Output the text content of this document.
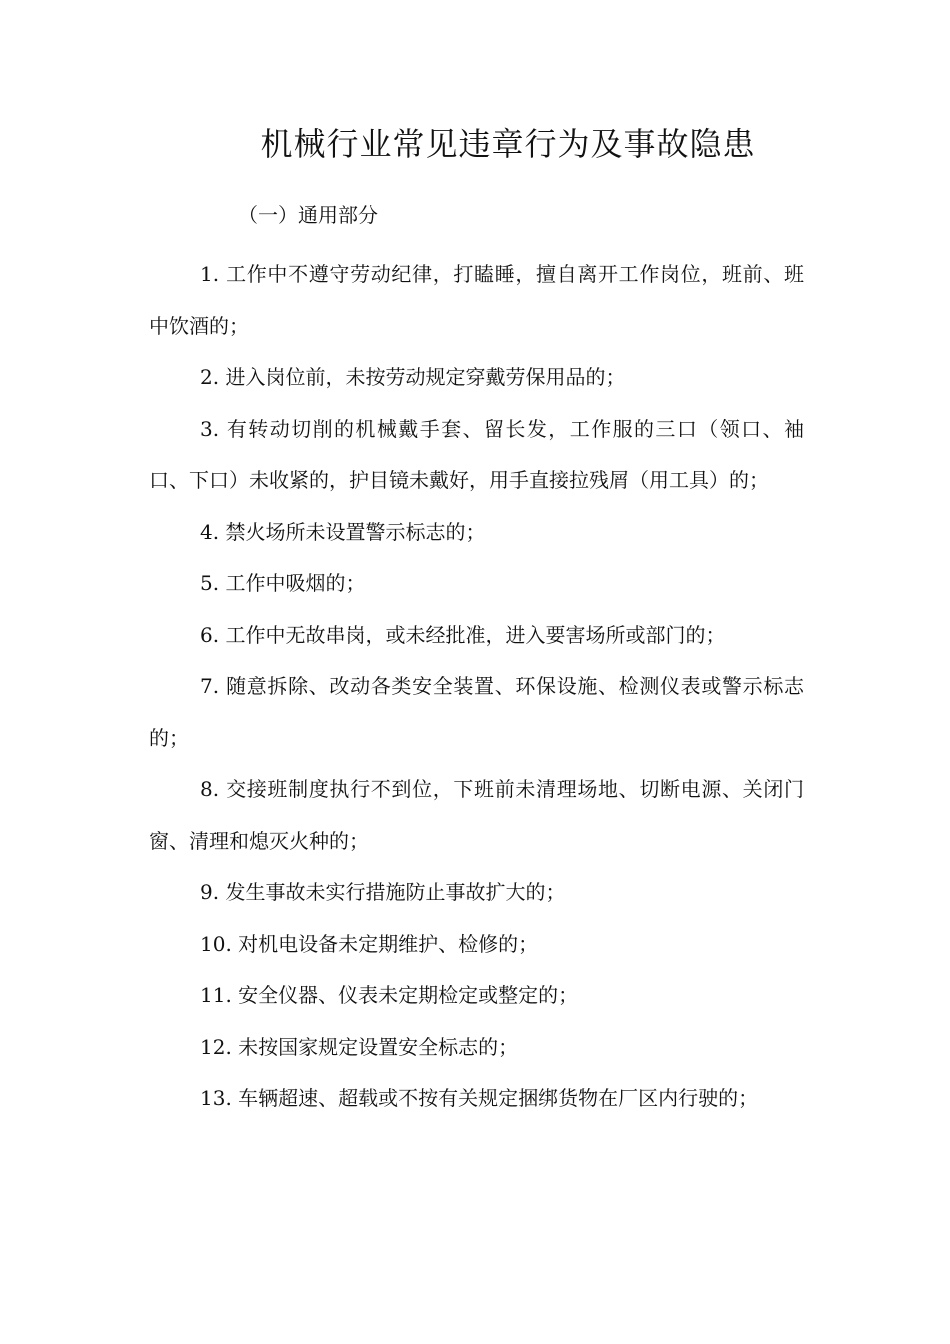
机械行业常见违章行为及事故隐患

（一）通用部分

1. 工作中不遵守劳动纪律，打瞌睡，擅自离开工作岗位，班前、班中饮酒的；
2. 进入岗位前，未按劳动规定穿戴劳保用品的；
3. 有转动切削的机械戴手套、留长发，工作服的三口（领口、袖口、下口）未收紧的，护目镜未戴好，用手直接拉残屑（用工具）的；
4. 禁火场所未设置警示标志的；
5. 工作中吸烟的；
6. 工作中无故串岗，或未经批准，进入要害场所或部门的；
7. 随意拆除、改动各类安全装置、环保设施、检测仪表或警示标志的；
8. 交接班制度执行不到位，下班前未清理场地、切断电源、关闭门窗、清理和熄灭火种的；
9. 发生事故未实行措施防止事故扩大的；
10. 对机电设备未定期维护、检修的；
11. 安全仪器、仪表未定期检定或整定的；
12. 未按国家规定设置安全标志的；
13. 车辆超速、超载或不按有关规定捆绑货物在厂区内行驶的；
